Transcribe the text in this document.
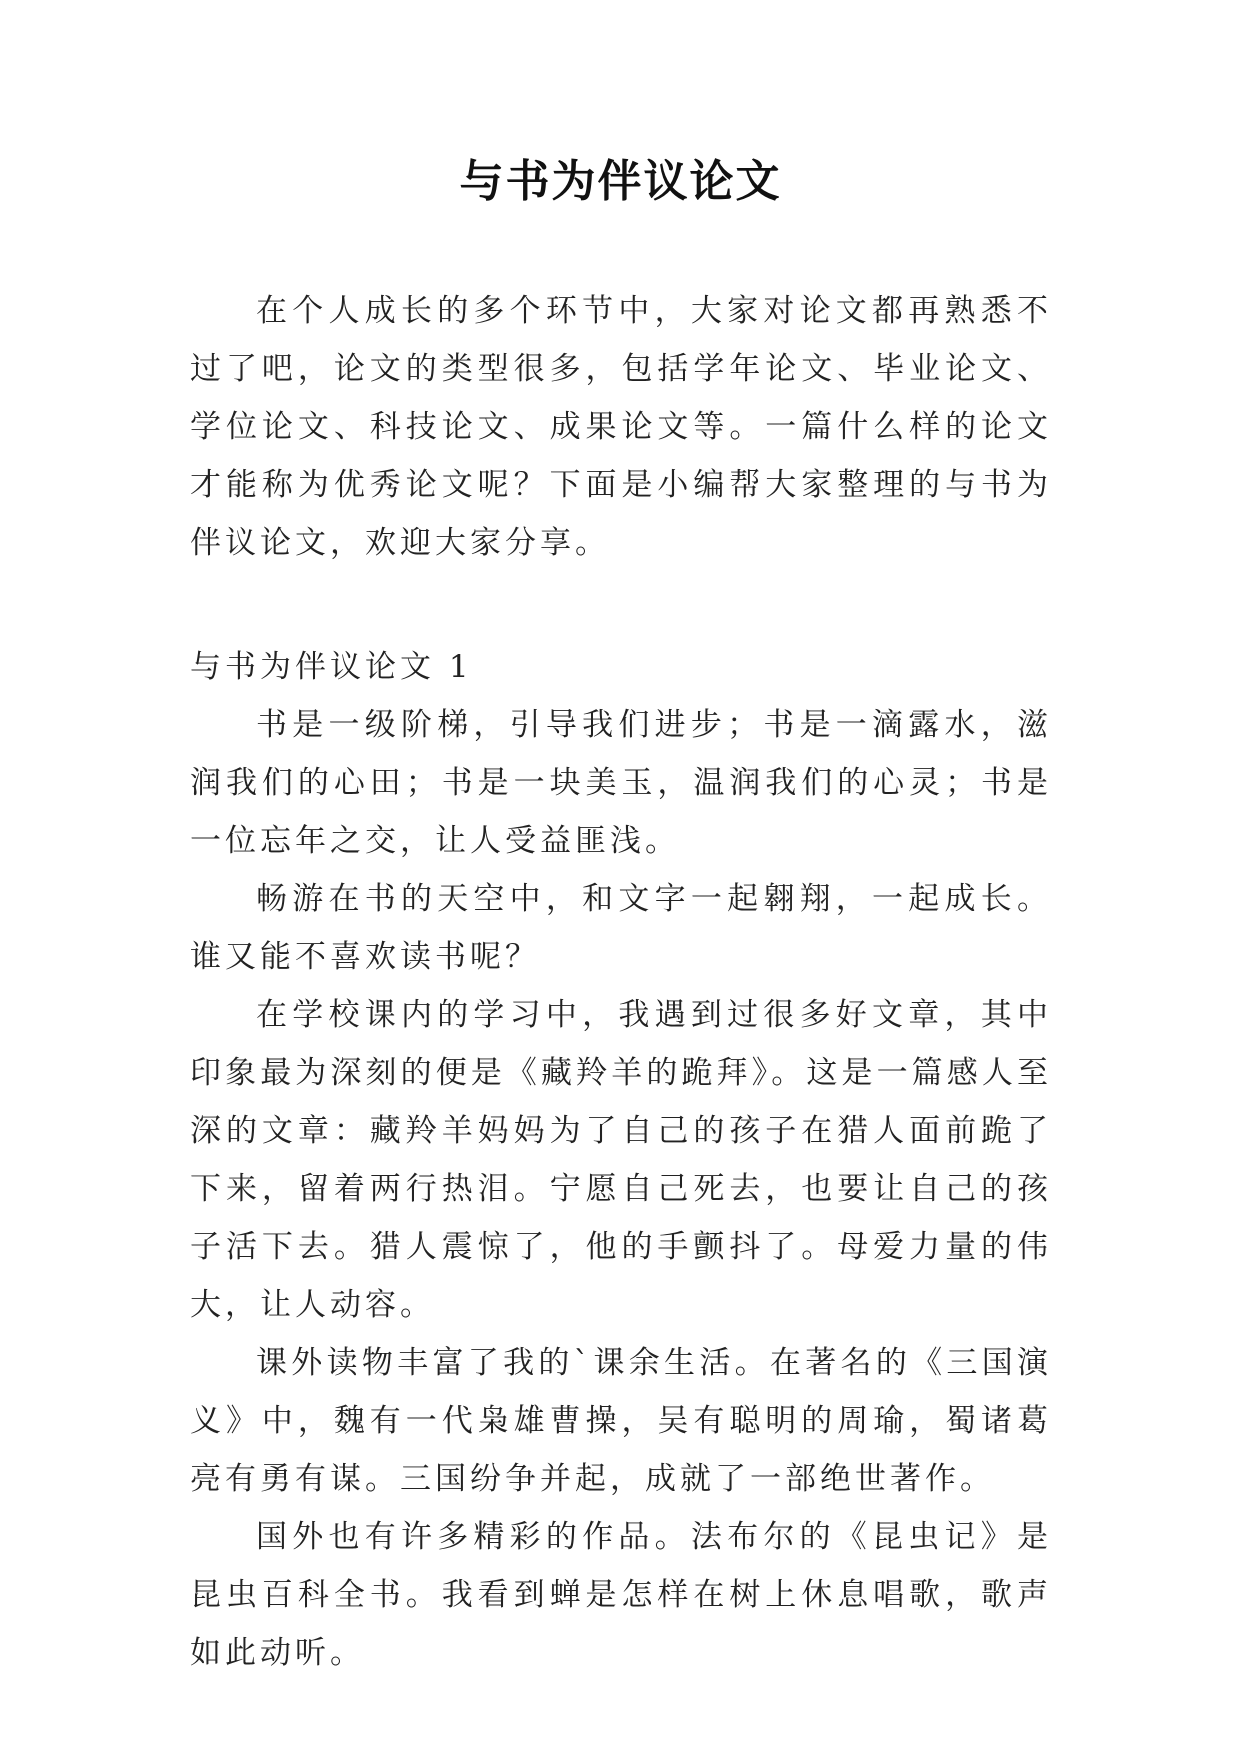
与书为伴议论文

在个人成长的多个环节中，大家对论文都再熟悉不过了吧，论文的类型很多，包括学年论文、毕业论文、学位论文、科技论文、成果论文等。一篇什么样的论文才能称为优秀论文呢？下面是小编帮大家整理的与书为伴议论文，欢迎大家分享。

与书为伴议论文 1

书是一级阶梯，引导我们进步；书是一滴露水，滋润我们的心田；书是一块美玉，温润我们的心灵；书是一位忘年之交，让人受益匪浅。

畅游在书的天空中，和文字一起翱翔，一起成长。谁又能不喜欢读书呢？

在学校课内的学习中，我遇到过很多好文章，其中印象最为深刻的便是《藏羚羊的跪拜》。这是一篇感人至深的文章：藏羚羊妈妈为了自己的孩子在猎人面前跪了下来，留着两行热泪。宁愿自己死去，也要让自己的孩子活下去。猎人震惊了，他的手颤抖了。母爱力量的伟大，让人动容。

课外读物丰富了我的`课余生活。在著名的《三国演义》中，魏有一代枭雄曹操，吴有聪明的周瑜，蜀诸葛亮有勇有谋。三国纷争并起，成就了一部绝世著作。

国外也有许多精彩的作品。法布尔的《昆虫记》是昆虫百科全书。我看到蝉是怎样在树上休息唱歌，歌声如此动听。
